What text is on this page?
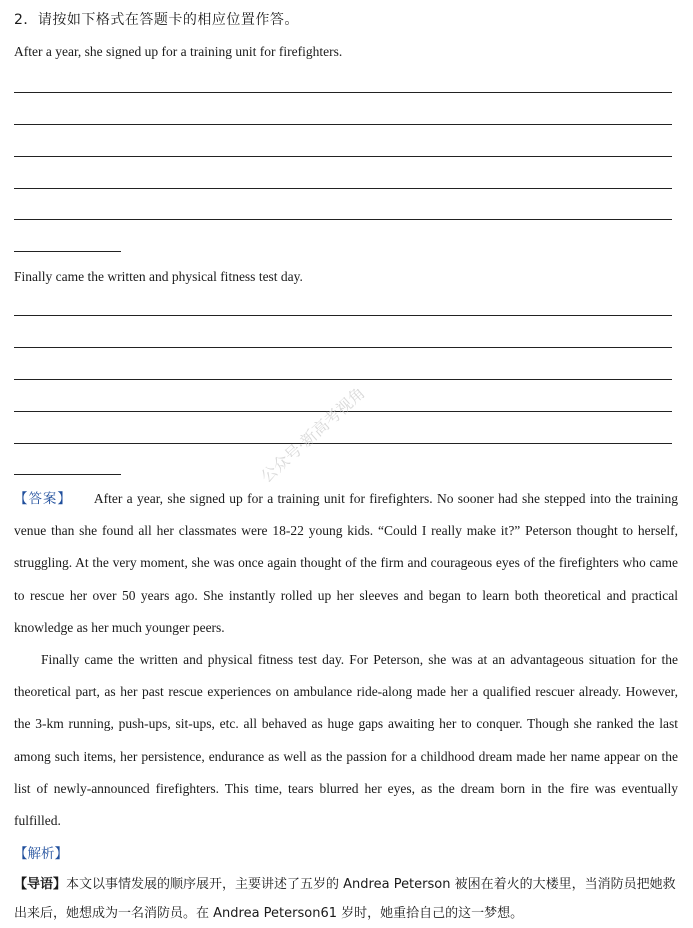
2．请按如下格式在答题卡的相应位置作答。
After a year, she signed up for a training unit for firefighters.
Finally came the written and physical fitness test day.
公众号·新高考视角
【答案】 After a year, she signed up for a training unit for firefighters. No sooner had she stepped into the training venue than she found all her classmates were 18-22 young kids. “Could I really make it?” Peterson thought to herself, struggling. At the very moment, she was once again thought of the firm and courageous eyes of the firefighters who came to rescue her over 50 years ago. She instantly rolled up her sleeves and began to learn both theoretical and practical knowledge as her much younger peers.
Finally came the written and physical fitness test day. For Peterson, she was at an advantageous situation for the theoretical part, as her past rescue experiences on ambulance ride-along made her a qualified rescuer already. However, the 3-km running, push-ups, sit-ups, etc. all behaved as huge gaps awaiting her to conquer. Though she ranked the last among such items, her persistence, endurance as well as the passion for a childhood dream made her name appear on the list of newly-announced firefighters. This time, tears blurred her eyes, as the dream born in the fire was eventually fulfilled.
【解析】
【导语】本文以事情发展的顺序展开，主要讲述了五岁的 Andrea Peterson 被困在着火的大楼里，当消防员把她救出来后，她想成为一名消防员。在 Andrea Peterson61 岁时，她重拾自己的这一梦想。
